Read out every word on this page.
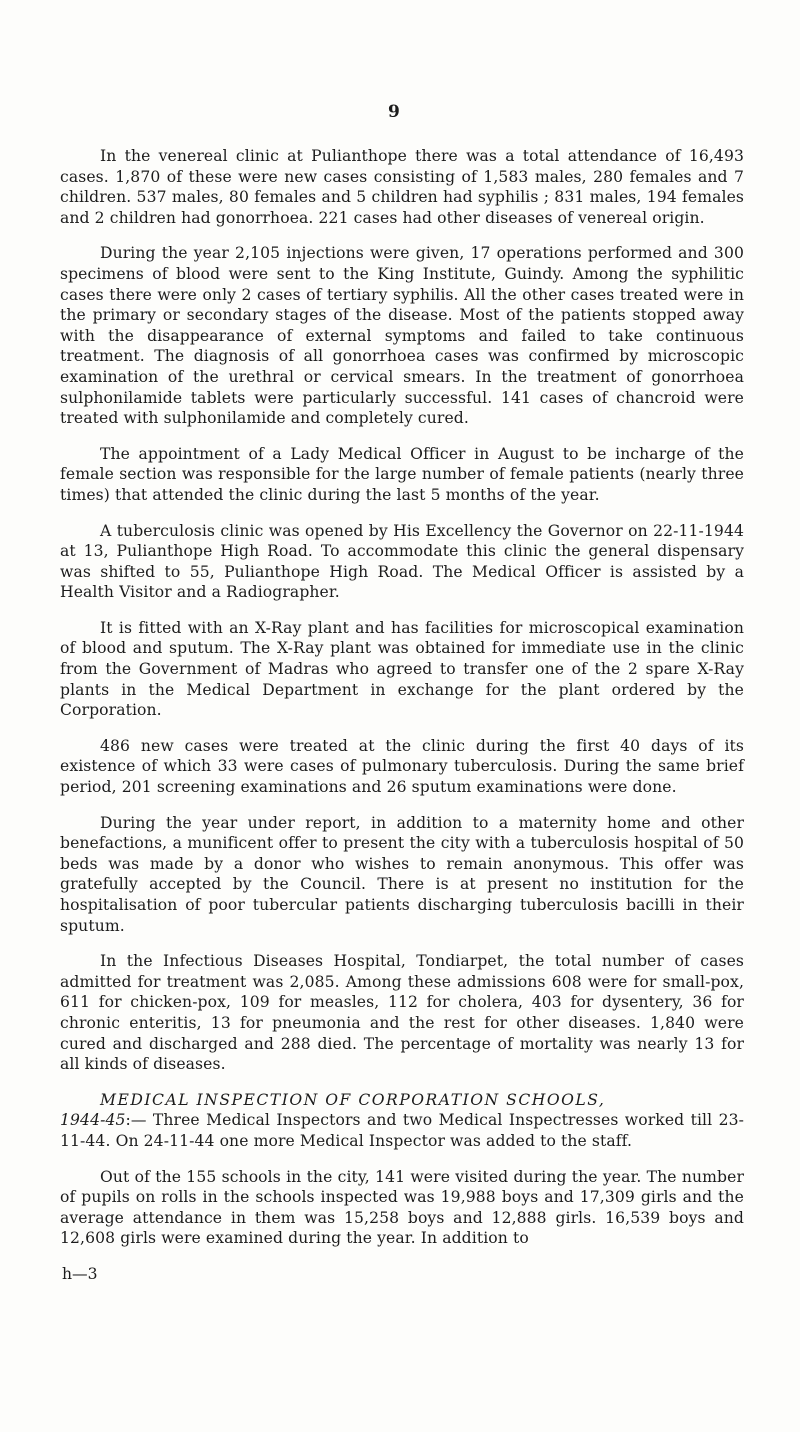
9

In the venereal clinic at Pulianthope there was a total attendance of 16,493 cases. 1,870 of these were new cases consisting of 1,583 males, 280 females and 7 children. 537 males, 80 females and 5 children had syphilis ; 831 males, 194 females and 2 children had gonorrhoea. 221 cases had other diseases of venereal origin.

During the year 2,105 injections were given, 17 operations performed and 300 specimens of blood were sent to the King Institute, Guindy. Among the syphilitic cases there were only 2 cases of tertiary syphilis. All the other cases treated were in the primary or secondary stages of the disease. Most of the patients stopped away with the disappearance of external symptoms and failed to take continuous treatment. The diagnosis of all gonorrhoea cases was confirmed by microscopic examination of the urethral or cervical smears. In the treatment of gonorrhoea sulphonilamide tablets were particularly successful. 141 cases of chancroid were treated with sulphonilamide and completely cured.

The appointment of a Lady Medical Officer in August to be incharge of the female section was responsible for the large number of female patients (nearly three times) that attended the clinic during the last 5 months of the year.

A tuberculosis clinic was opened by His Excellency the Governor on 22-11-1944 at 13, Pulianthope High Road. To accommodate this clinic the general dispensary was shifted to 55, Pulianthope High Road. The Medical Officer is assisted by a Health Visitor and a Radiographer.

It is fitted with an X-Ray plant and has facilities for microscopical examination of blood and sputum. The X-Ray plant was obtained for immediate use in the clinic from the Government of Madras who agreed to transfer one of the 2 spare X-Ray plants in the Medical Department in exchange for the plant ordered by the Corporation.

486 new cases were treated at the clinic during the first 40 days of its existence of which 33 were cases of pulmonary tuberculosis. During the same brief period, 201 screening examinations and 26 sputum examinations were done.

During the year under report, in addition to a maternity home and other benefactions, a munificent offer to present the city with a tuberculosis hospital of 50 beds was made by a donor who wishes to remain anonymous. This offer was gratefully accepted by the Council. There is at present no institution for the hospitalisation of poor tubercular patients discharging tuberculosis bacilli in their sputum.

In the Infectious Diseases Hospital, Tondiarpet, the total number of cases admitted for treatment was 2,085. Among these admissions 608 were for small-pox, 611 for chicken-pox, 109 for measles, 112 for cholera, 403 for dysentery, 36 for chronic enteritis, 13 for pneumonia and the rest for other diseases. 1,840 were cured and discharged and 288 died. The percentage of mortality was nearly 13 for all kinds of diseases.

MEDICAL INSPECTION OF CORPORATION SCHOOLS,
1944-45:— Three Medical Inspectors and two Medical Inspectresses worked till 23-11-44. On 24-11-44 one more Medical Inspector was added to the staff.

Out of the 155 schools in the city, 141 were visited during the year. The number of pupils on rolls in the schools inspected was 19,988 boys and 17,309 girls and the average attendance in them was 15,258 boys and 12,888 girls. 16,539 boys and 12,608 girls were examined during the year. In addition to

h—3
